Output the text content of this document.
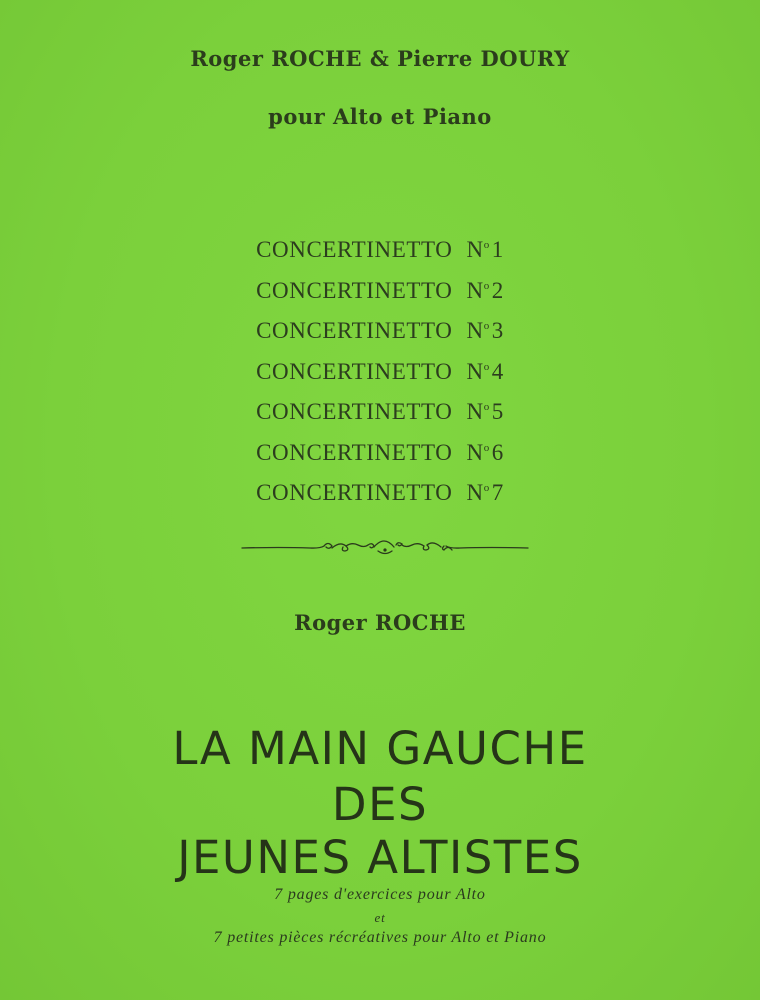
Roger ROCHE & Pierre DOURY
pour Alto et Piano
CONCERTINETTO $N^o1$
CONCERTINETTO $N^o2$
CONCERTINETTO $N^o3$
CONCERTINETTO $N^o4$
CONCERTINETTO $N^o5$
CONCERTINETTO $N^o6$
CONCERTINETTO $N^o7$
Roger ROCHE
LA MAIN GAUCHE
DES
JEUNES ALTISTES
7 pages d'exercices pour Alto
et
7 petites pièces récréatives pour Alto et Piano
